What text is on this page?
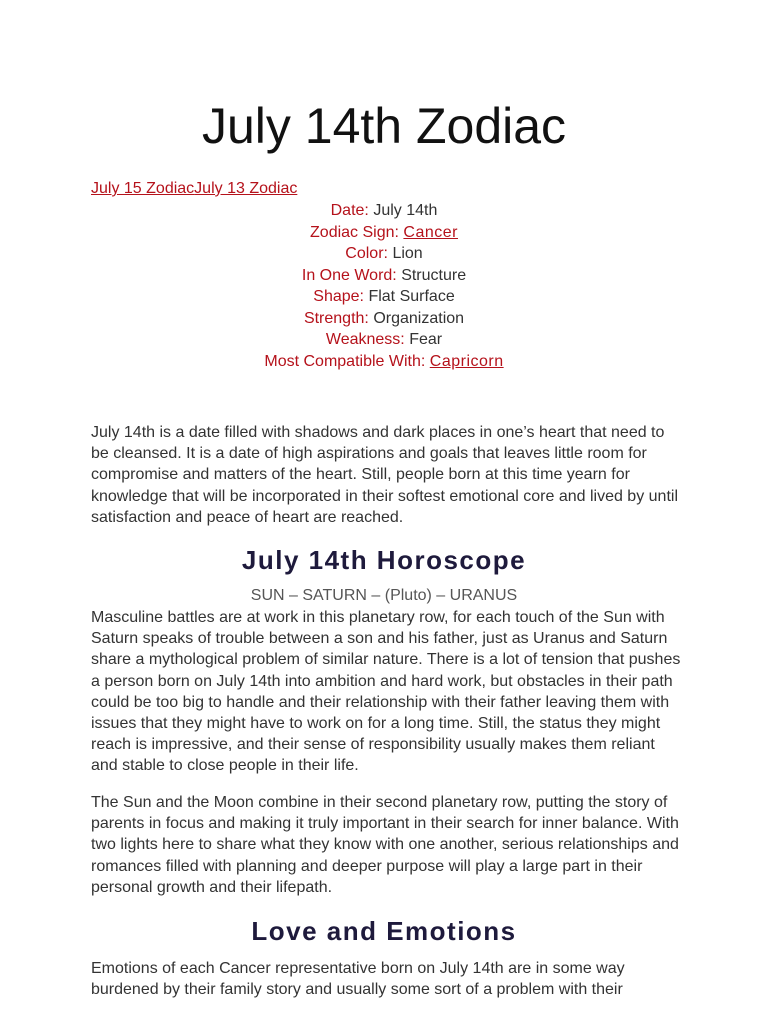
July 14th Zodiac
July 15 ZodiacJuly 13 Zodiac
Date: July 14th
Zodiac Sign: Cancer
Color: Lion
In One Word: Structure
Shape: Flat Surface
Strength: Organization
Weakness: Fear
Most Compatible With: Capricorn

July 14th is a date filled with shadows and dark places in one’s heart that need to be cleansed. It is a date of high aspirations and goals that leaves little room for compromise and matters of the heart. Still, people born at this time yearn for knowledge that will be incorporated in their softest emotional core and lived by until satisfaction and peace of heart are reached.

July 14th Horoscope
SUN – SATURN – (Pluto) – URANUS

Masculine battles are at work in this planetary row, for each touch of the Sun with Saturn speaks of trouble between a son and his father, just as Uranus and Saturn share a mythological problem of similar nature. There is a lot of tension that pushes a person born on July 14th into ambition and hard work, but obstacles in their path could be too big to handle and their relationship with their father leaving them with issues that they might have to work on for a long time. Still, the status they might reach is impressive, and their sense of responsibility usually makes them reliant and stable to close people in their life.

The Sun and the Moon combine in their second planetary row, putting the story of parents in focus and making it truly important in their search for inner balance. With two lights here to share what they know with one another, serious relationships and romances filled with planning and deeper purpose will play a large part in their personal growth and their lifepath.

Love and Emotions

Emotions of each Cancer representative born on July 14th are in some way burdened by their family story and usually some sort of a problem with their
